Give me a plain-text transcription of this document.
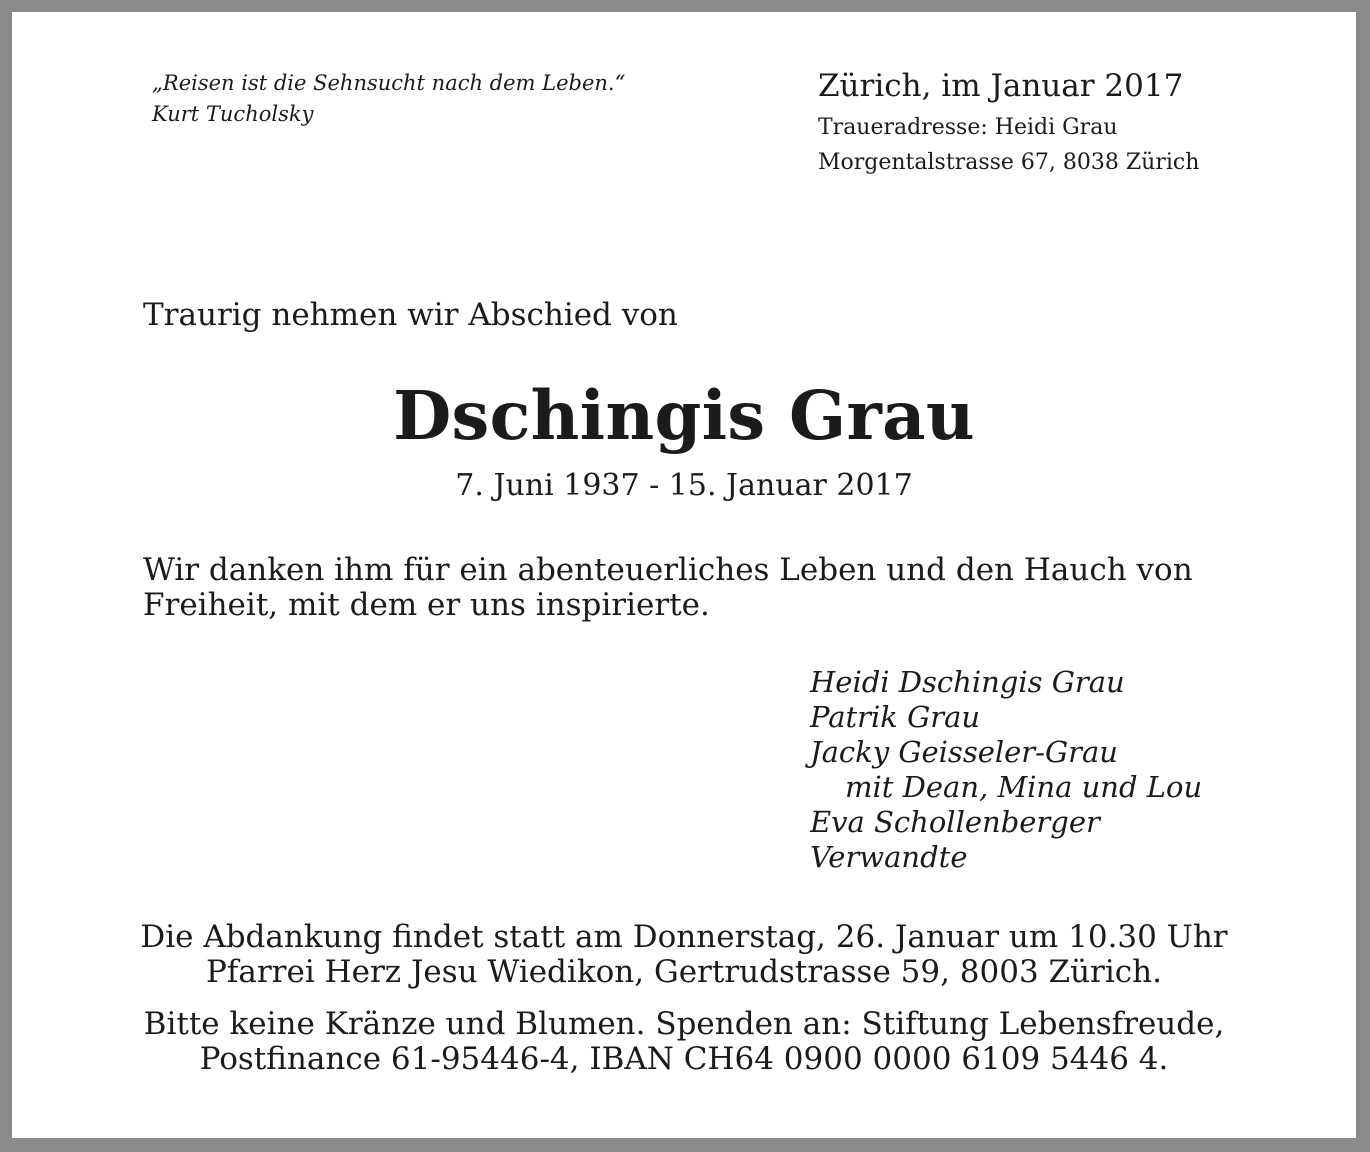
„Reisen ist die Sehnsucht nach dem Leben.“
Kurt Tucholsky
Zürich, im Januar 2017
Traueradresse: Heidi Grau
Morgentalstrasse 67, 8038 Zürich
Traurig nehmen wir Abschied von
Dschingis Grau
7. Juni 1937 - 15. Januar 2017
Wir danken ihm für ein abenteuerliches Leben und den Hauch von
Freiheit, mit dem er uns inspirierte.
Heidi Dschingis Grau
Patrik Grau
Jacky Geisseler-Grau
mit Dean, Mina und Lou
Eva Schollenberger
Verwandte
Die Abdankung findet statt am Donnerstag, 26. Januar um 10.30 Uhr
Pfarrei Herz Jesu Wiedikon, Gertrudstrasse 59, 8003 Zürich.
Bitte keine Kränze und Blumen. Spenden an: Stiftung Lebensfreude,
Postfinance 61-95446-4, IBAN CH64 0900 0000 6109 5446 4.
